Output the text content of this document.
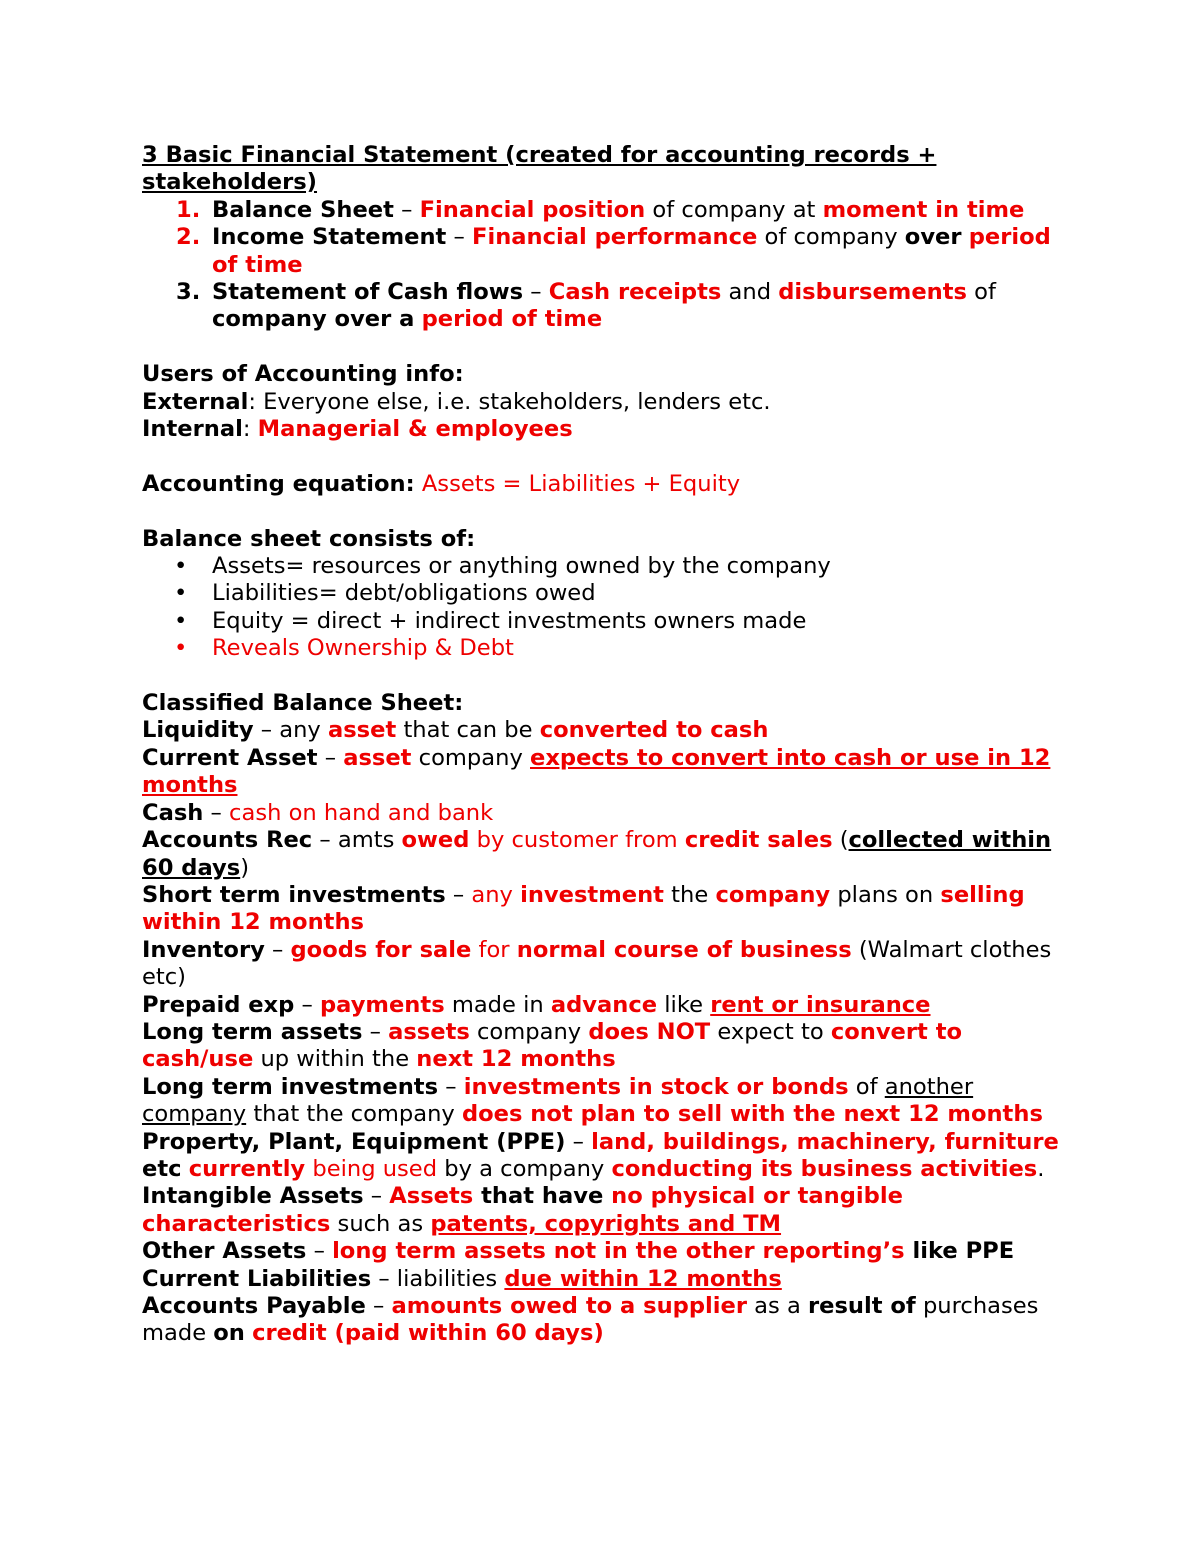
3 Basic Financial Statement (created for accounting records + stakeholders)

1. Balance Sheet – Financial position of company at moment in time
2. Income Statement – Financial performance of company over period of time
3. Statement of Cash flows – Cash receipts and disbursements of company over a period of time

Users of Accounting info:

External: Everyone else, i.e. stakeholders, lenders etc.

Internal: Managerial & employees

Accounting equation: Assets = Liabilities + Equity

Balance sheet consists of:

• Assets= resources or anything owned by the company
• Liabilities= debt/obligations owed
• Equity = direct + indirect investments owners made
• Reveals Ownership & Debt

Classified Balance Sheet:

Liquidity – any asset that can be converted to cash

Current Asset – asset company expects to convert into cash or use in 12 months

Cash – cash on hand and bank

Accounts Rec – amts owed by customer from credit sales (collected within 60 days)

Short term investments – any investment the company plans on selling within 12 months

Inventory – goods for sale for normal course of business (Walmart clothes etc)

Prepaid exp – payments made in advance like rent or insurance

Long term assets – assets company does NOT expect to convert to cash/use up within the next 12 months

Long term investments – investments in stock or bonds of another company that the company does not plan to sell with the next 12 months

Property, Plant, Equipment (PPE) – land, buildings, machinery, furniture etc currently being used by a company conducting its business activities.

Intangible Assets – Assets that have no physical or tangible characteristics such as patents, copyrights and TM

Other Assets – long term assets not in the other reporting’s like PPE

Current Liabilities – liabilities due within 12 months

Accounts Payable – amounts owed to a supplier as a result of purchases made on credit (paid within 60 days)
